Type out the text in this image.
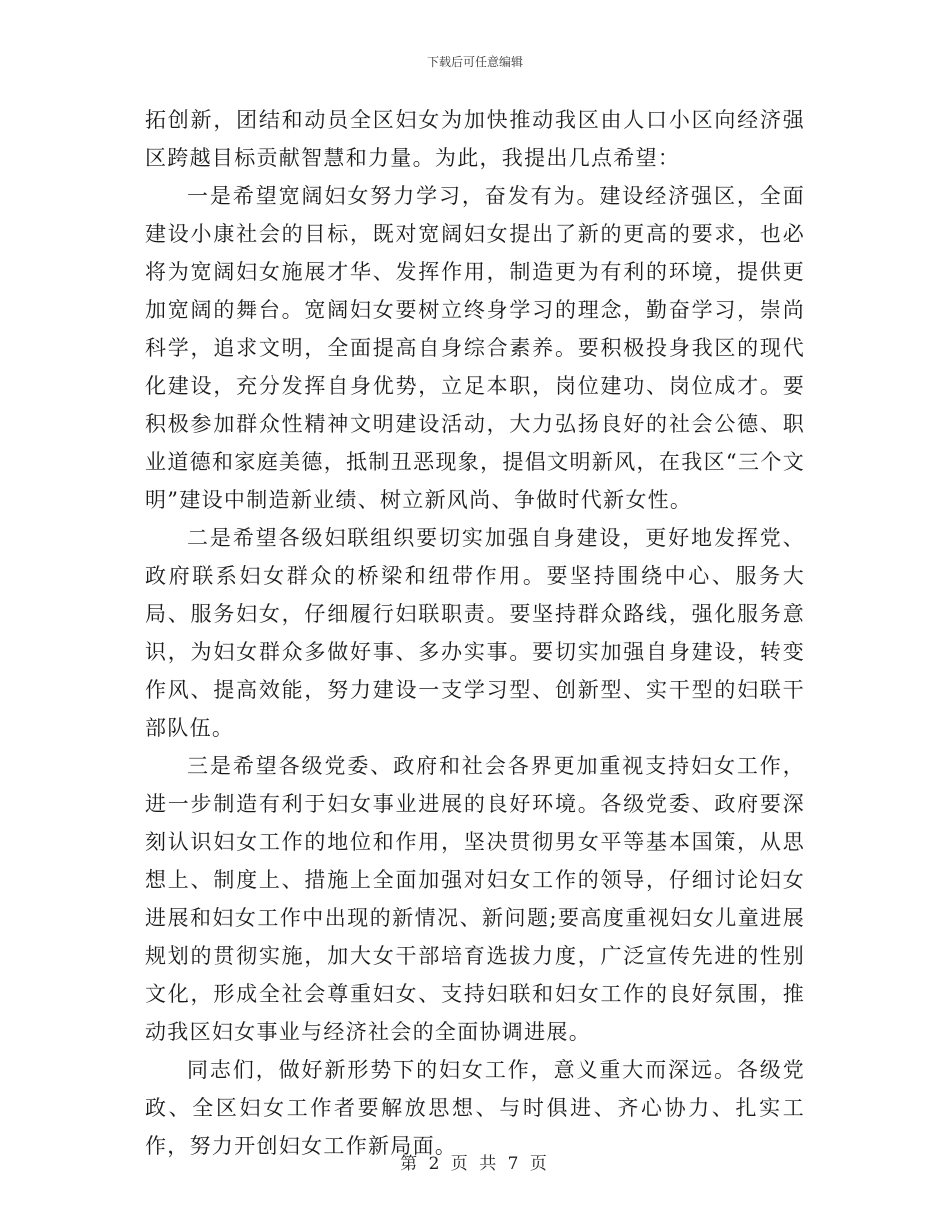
下载后可任意编辑

拓创新，团结和动员全区妇女为加快推动我区由人口小区向经济强区跨越目标贡献智慧和力量。为此，我提出几点希望：

一是希望宽阔妇女努力学习，奋发有为。建设经济强区，全面建设小康社会的目标，既对宽阔妇女提出了新的更高的要求，也必将为宽阔妇女施展才华、发挥作用，制造更为有利的环境，提供更加宽阔的舞台。宽阔妇女要树立终身学习的理念，勤奋学习，崇尚科学，追求文明，全面提高自身综合素养。要积极投身我区的现代化建设，充分发挥自身优势，立足本职，岗位建功、岗位成才。要积极参加群众性精神文明建设活动，大力弘扬良好的社会公德、职业道德和家庭美德，抵制丑恶现象，提倡文明新风，在我区“三个文明”建设中制造新业绩、树立新风尚、争做时代新女性。

二是希望各级妇联组织要切实加强自身建设，更好地发挥党、政府联系妇女群众的桥梁和纽带作用。要坚持围绕中心、服务大局、服务妇女，仔细履行妇联职责。要坚持群众路线，强化服务意识，为妇女群众多做好事、多办实事。要切实加强自身建设，转变作风、提高效能，努力建设一支学习型、创新型、实干型的妇联干部队伍。

三是希望各级党委、政府和社会各界更加重视支持妇女工作，进一步制造有利于妇女事业进展的良好环境。各级党委、政府要深刻认识妇女工作的地位和作用，坚决贯彻男女平等基本国策，从思想上、制度上、措施上全面加强对妇女工作的领导，仔细讨论妇女进展和妇女工作中出现的新情况、新问题;要高度重视妇女儿童进展规划的贯彻实施，加大女干部培育选拔力度，广泛宣传先进的性别文化，形成全社会尊重妇女、支持妇联和妇女工作的良好氛围，推动我区妇女事业与经济社会的全面协调进展。

同志们，做好新形势下的妇女工作，意义重大而深远。各级党政、全区妇女工作者要解放思想、与时俱进、齐心协力、扎实工作，努力开创妇女工作新局面。

第 2 页 共 7 页
